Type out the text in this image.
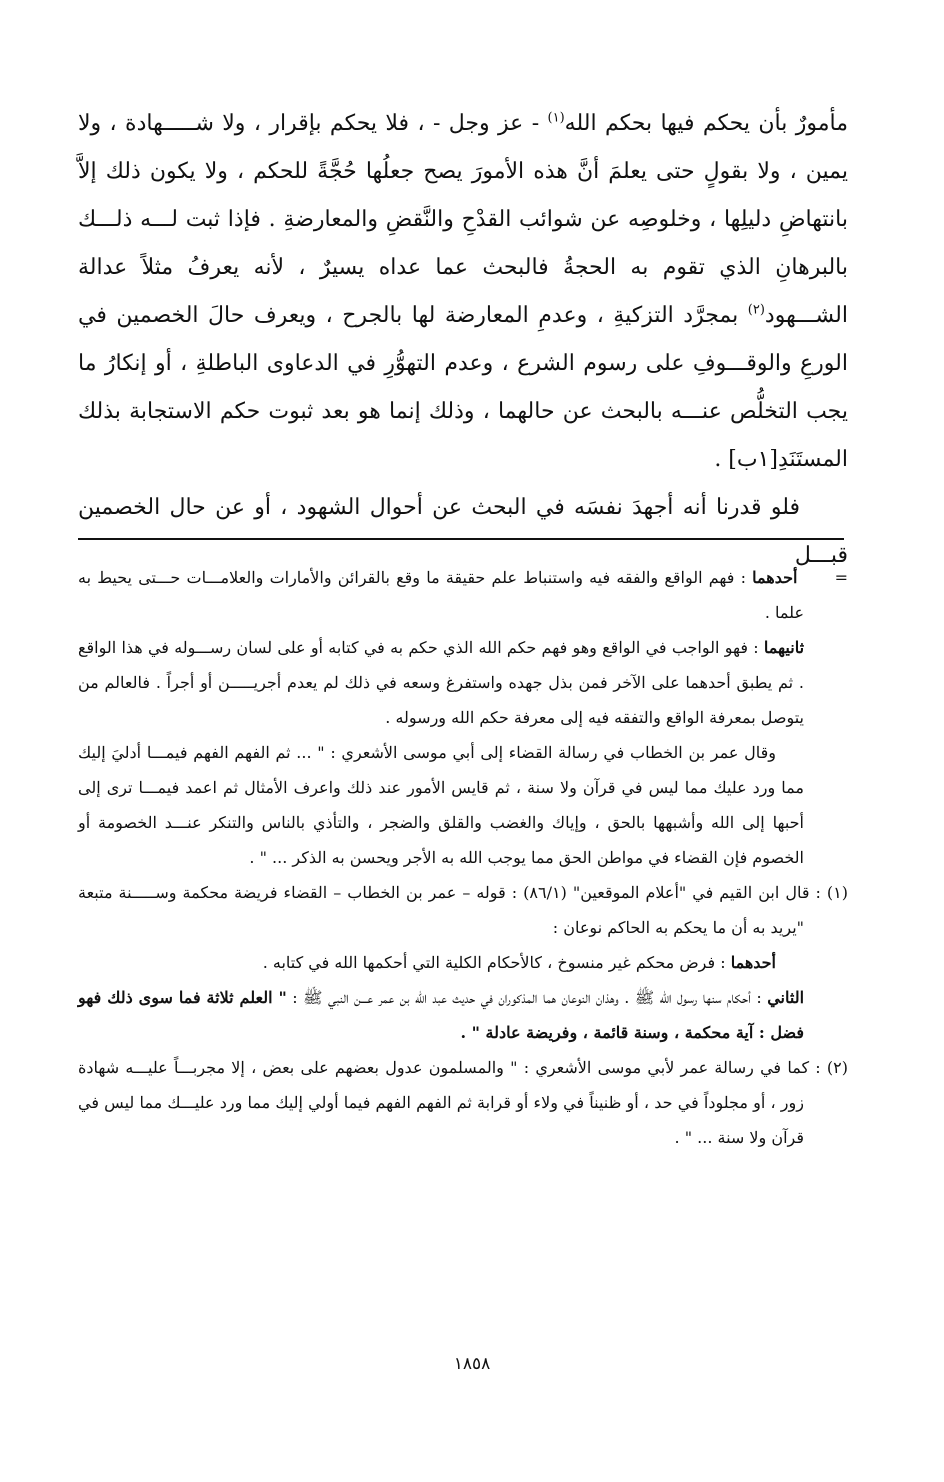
مأمورٌ بأن يحكم فيها بحكم الله$^{(١)}$ - عز وجل - ، فلا يحكم بإقرار ، ولا شـــــهادة ، ولا يمين ، ولا بقولٍ حتى يعلمَ أنَّ هذه الأمورَ يصح جعلُها حُجَّةً للحكم ، ولا يكون ذلك إلاَّ بانتهاضِ دليلِها ، وخلوصِه عن شوائب القدْحِ والنَّقضِ والمعارضةِ . فإذا ثبت لـــه ذلـــك بالبرهانِ الذي تقوم به الحجةُ فالبحث عما عداه يسيرٌ ، لأنه يعرفُ مثلاً عدالة الشـــهود$^{(٢)}$ بمجرَّد التزكيةِ ، وعدمِ المعارضة لها بالجرح ، ويعرف حالَ الخصمين في الورعِ والوقـــوفِ على رسوم الشرع ، وعدم التهوُّرِ في الدعاوى الباطلةِ ، أو إنكارُ ما يجب التخلُّص عنـــه بالبحث عن حالهما ، وذلك إنما هو بعد ثبوت حكم الاستجابة بذلك المستَنَدِ[١ب] .

فلو قدرنا أنه أجهدَ نفسَه في البحث عن أحوال الشهود ، أو عن حال الخصمين قبـــل

=      أحدهما : فهم الواقع والفقه فيه واستنباط علم حقيقة ما وقع بالقرائن والأمارات والعلامـــات حـــتى يحيط به علما .

ثانيهما : فهو الواجب في الواقع وهو فهم حكم الله الذي حكم به في كتابه أو على لسان رســـوله في هذا الواقع . ثم يطبق أحدهما على الآخر فمن بذل جهده واستفرغ وسعه في ذلك لم يعدم أجريـــــن أو أجراً . فالعالم من يتوصل بمعرفة الواقع والتفقه فيه إلى معرفة حكم الله ورسوله .

وقال عمر بن الخطاب في رسالة القضاء إلى أبي موسى الأشعري : " ... ثم الفهم الفهم فيمـــا أدليَ إليك مما ورد عليك مما ليس في قرآن ولا سنة ، ثم قايس الأمور عند ذلك واعرف الأمثال ثم اعمد فيمـــا ترى إلى أحبها إلى الله وأشبهها بالحق ، وإياك والغضب والقلق والضجر ، والتأذي بالناس والتنكر عنـــد الخصومة أو الخصوم فإن القضاء في مواطن الحق مما يوجب الله به الأجر ويحسن به الذكر ... " .

(١) : قال ابن القيم في "أعلام الموقعين" (٨٦/١) : قوله – عمر بن الخطاب – القضاء فريضة محكمة وســـــنة متبعة "يريد به أن ما يحكم به الحاكم نوعان :

أحدهما : فرض محكم غير منسوخ ، كالأحكام الكلية التي أحكمها الله في كتابه .

الثاني : أحكام سنها رسول الله ﷺ . وهذان النوعان هما المذكوران في حديث عبد الله بن عمر عـــن النبي ﷺ : " العلم ثلاثة فما سوى ذلك فهو فضل : آية محكمة ، وسنة قائمة ، وفريضة عادلة " .

(٢) : كما في رسالة عمر لأبي موسى الأشعري : " والمسلمون عدول بعضهم على بعض ، إلا مجربـــاً عليـــه شهادة زور ، أو مجلوداً في حد ، أو ظنيناً في ولاء أو قرابة ثم الفهم الفهم فيما أولي إليك مما ورد عليـــك مما ليس في قرآن ولا سنة ... " .

١٨٥٨
